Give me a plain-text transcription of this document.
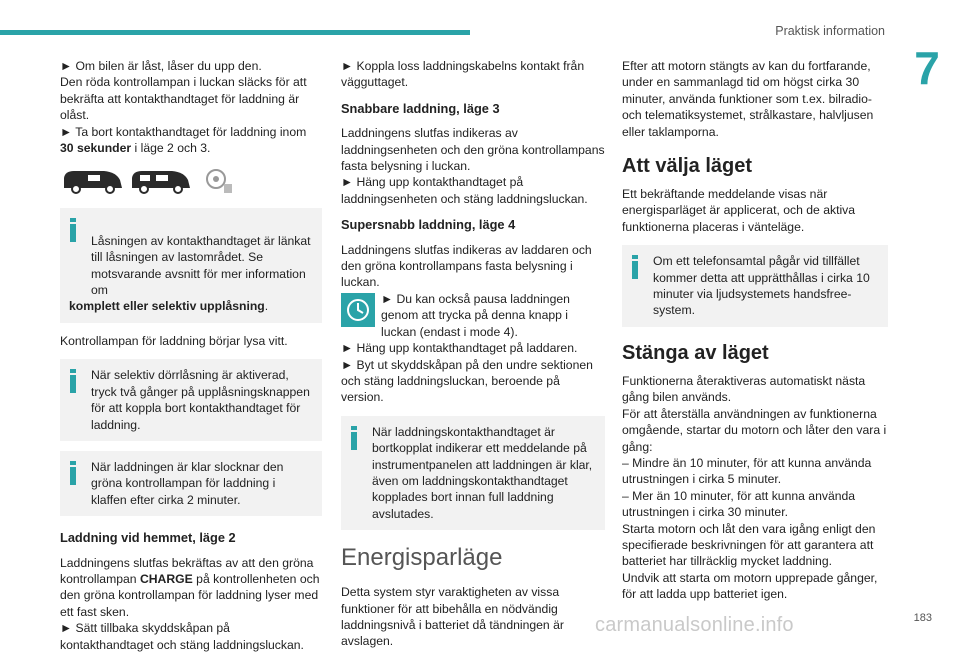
Praktisk information
7

► Om bilen är låst, låser du upp den.

Den röda kontrollampan i luckan släcks för att bekräfta att kontakthandtaget för laddning är olåst.

► Ta bort kontakthandtaget för laddning inom 30 sekunder i läge 2 och 3.

Låsningen av kontakthandtaget är länkat till låsningen av lastområdet. Se motsvarande avsnitt för mer information om
komplett eller selektiv upplåsning.

Kontrollampan för laddning börjar lysa vitt.

När selektiv dörrlåsning är aktiverad, tryck två gånger på upplåsningsknappen för att koppla bort kontakthandtaget för laddning.
När laddningen är klar slocknar den gröna kontrollampan för laddning i klaffen efter cirka 2 minuter.
Laddning vid hemmet, läge 2

Laddningens slutfas bekräftas av att den gröna kontrollampan CHARGE på kontrollenheten och den gröna kontrollampan för laddning lyser med ett fast sken.

► Sätt tillbaka skyddskåpan på kontakthandtaget och stäng laddningsluckan.

► Koppla loss laddningskabelns kontakt från vägguttaget.

Snabbare laddning, läge 3

Laddningens slutfas indikeras av laddningsenheten och den gröna kontrollampans fasta belysning i luckan.

► Häng upp kontakthandtaget på laddningsenheten och stäng laddningsluckan.

Supersnabb laddning, läge 4

Laddningens slutfas indikeras av laddaren och den gröna kontrollampans fasta belysning i luckan.

► Du kan också pausa laddningen genom att trycka på denna knapp i luckan (endast i mode 4).

► Häng upp kontakthandtaget på laddaren.

► Byt ut skyddskåpan på den undre sektionen och stäng laddningsluckan, beroende på version.

När laddningskontakthandtaget är bortkopplat indikerar ett meddelande på instrumentpanelen att laddningen är klar, även om laddningskontakthandtaget kopplades bort innan full laddning avslutades.
Energisparläge

Detta system styr varaktigheten av vissa funktioner för att bibehålla en nödvändig laddningsnivå i batteriet då tändningen är avslagen.

Efter att motorn stängts av kan du fortfarande, under en sammanlagd tid om högst cirka 30 minuter, använda funktioner som t.ex. bilradio- och telematiksystemet, strålkastare, halvljusen eller taklamporna.

Att välja läget

Ett bekräftande meddelande visas när energisparläget är applicerat, och de aktiva funktionerna placeras i vänteläge.

Om ett telefonsamtal pågår vid tillfället kommer detta att upprätthållas i cirka 10 minuter via ljudsystemets handsfree-system.
Stänga av läget

Funktionerna återaktiveras automatiskt nästa gång bilen används.

För att återställa användningen av funktionerna omgående, startar du motorn och låter den vara i gång:

– Mindre än 10 minuter, för att kunna använda utrustningen i cirka 5 minuter.

– Mer än 10 minuter, för att kunna använda utrustningen i cirka 30 minuter.

Starta motorn och låt den vara igång enligt den specifierade beskrivningen för att garantera att batteriet har tillräcklig mycket laddning.

Undvik att starta om motorn upprepade gånger, för att ladda upp batteriet igen.

carmanualsonline.info	183
